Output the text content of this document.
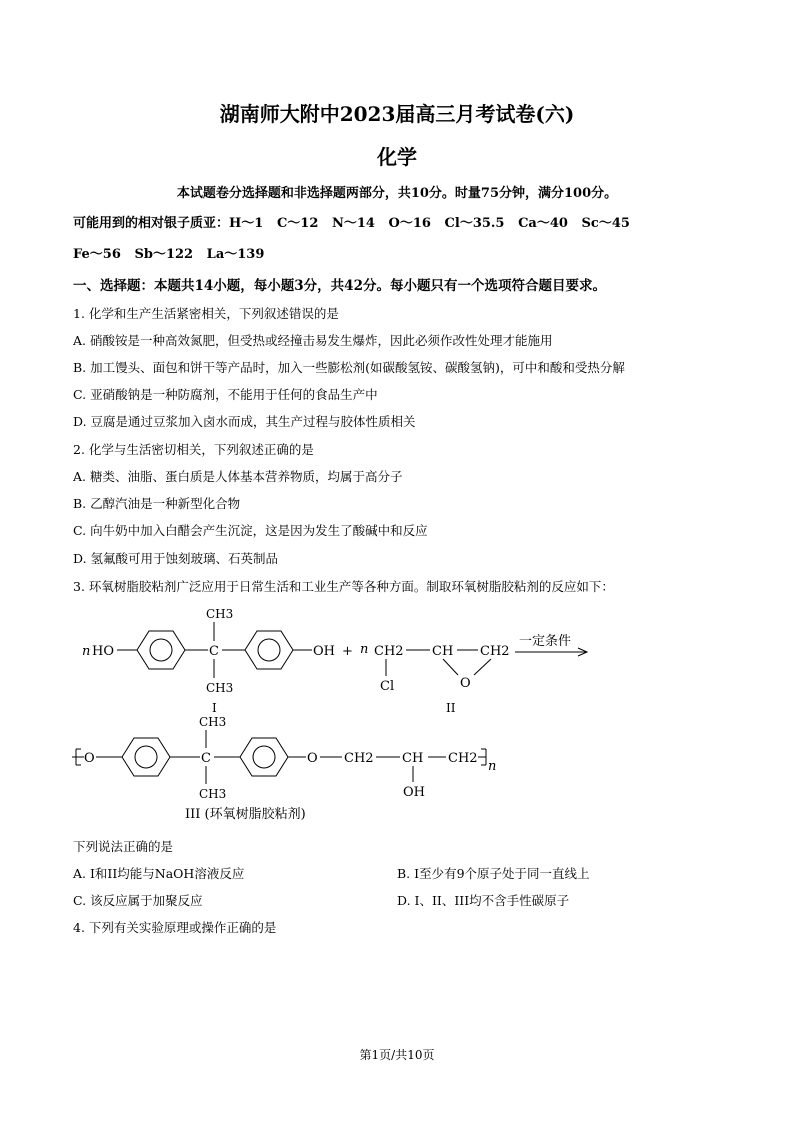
湖南师大附中2023届高三月考试卷(六)
化学
本试题卷分选择题和非选择题两部分，共10分。时量75分钟，满分100分。
可能用到的相对银子质亚：H～1 C～12 N～14 O～16 Cl～35.5 Ca～40 Sc～45
Fe～56 Sb～122 La～139
一、选择题：本题共14小题，每小题3分，共42分。每小题只有一个选项符合题目要求。
1. 化学和生产生活紧密相关，下列叙述错误的是
A. 硝酸铵是一种高效氮肥，但受热或经撞击易发生爆炸，因此必须作改性处理才能施用
B. 加工馒头、面包和饼干等产品时，加入一些膨松剂(如碳酸氢铵、碳酸氢钠)，可中和酸和受热分解
C. 亚硝酸钠是一种防腐剂，不能用于任何的食品生产中
D. 豆腐是通过豆浆加入卤水而成，其生产过程与胶体性质相关
2. 化学与生活密切相关，下列叙述正确的是
A. 糖类、油脂、蛋白质是人体基本营养物质，均属于高分子
B. 乙醇汽油是一种新型化合物
C. 向牛奶中加入白醋会产生沉淀，这是因为发生了酸碱中和反应
D. 氢氟酸可用于蚀刻玻璃、石英制品
3. 环氧树脂胶粘剂广泛应用于日常生活和工业生产等各种方面。制取环氧树脂胶粘剂的反应如下：
n HO	C
CH3
CH3
OH
I
+ n CH2 CH CH2
Cl	O
II
一定条件
O	C
CH3
CH3
O CH2 CH
OH
CH2
n
III (环氧树脂胶粘剂)
下列说法正确的是
A. I和II均能与NaOH溶液反应	B. I至少有9个原子处于同一直线上
C. 该反应属于加聚反应	D. I、II、III均不含手性碳原子
4. 下列有关实验原理或操作正确的是
第1页/共10页
